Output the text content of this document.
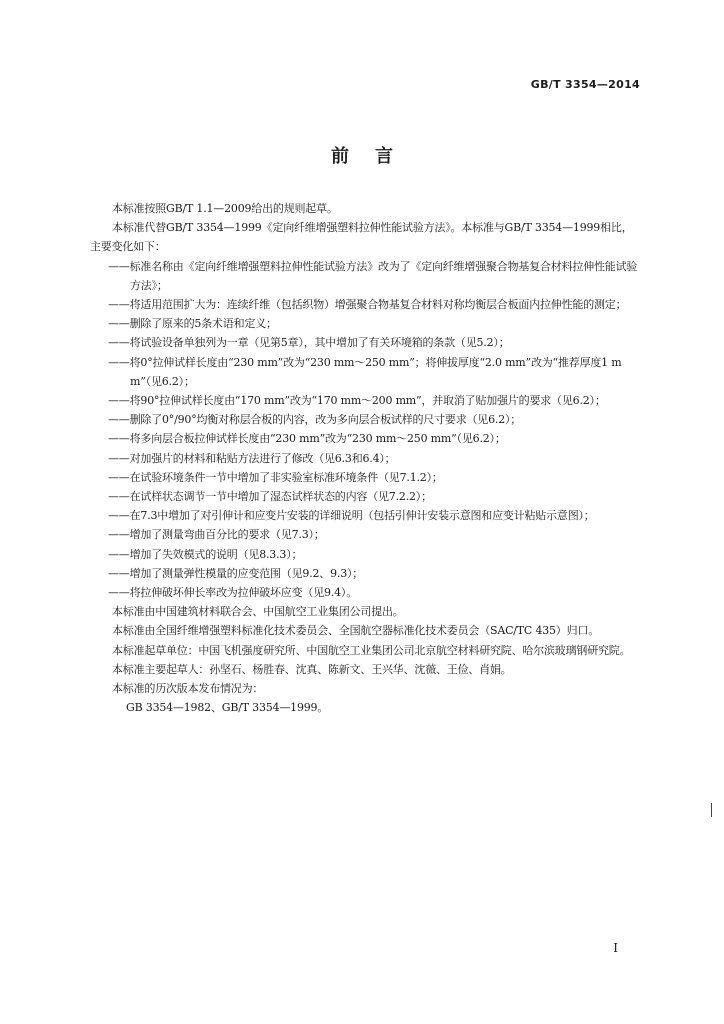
GB/T 3354—2014
前言

本标准按照GB/T 1.1—2009给出的规则起草。

本标准代替GB/T 3354—1999《定向纤维增强塑料拉伸性能试验方法》。本标准与GB/T 3354—1999相比，主要变化如下：

——标准名称由《定向纤维增强塑料拉伸性能试验方法》改为了《定向纤维增强聚合物基复合材料拉伸性能试验方法》；

——将适用范围扩大为：连续纤维（包括织物）增强聚合物基复合材料对称均衡层合板面内拉伸性能的测定；

——删除了原来的5条术语和定义；

——将试验设备单独列为一章（见第5章），其中增加了有关环境箱的条款（见5.2）；

——将0°拉伸试样长度由“230 mm”改为“230 mm～250 mm”；将伸拔厚度“2.0 mm”改为“推荐厚度1 mm”（见6.2）；

——将90°拉伸试样长度由“170 mm”改为“170 mm～200 mm”，并取消了贴加强片的要求（见6.2）；

——删除了0°/90°均衡对称层合板的内容，改为多向层合板试样的尺寸要求（见6.2）；

——将多向层合板拉伸试样长度由“230 mm”改为“230 mm～250 mm”（见6.2）；

——对加强片的材料和粘贴方法进行了修改（见6.3和6.4）；

——在试验环境条件一节中增加了非实验室标准环境条件（见7.1.2）；

——在试样状态调节一节中增加了湿态试样状态的内容（见7.2.2）；

——在7.3中增加了对引伸计和应变片安装的详细说明（包括引伸计安装示意图和应变计粘贴示意图）；

——增加了测量弯曲百分比的要求（见7.3）；

——增加了失效模式的说明（见8.3.3）；

——增加了测量弹性模量的应变范围（见9.2、9.3）；

——将拉伸破坏伸长率改为拉伸破坏应变（见9.4）。

本标准由中国建筑材料联合会、中国航空工业集团公司提出。

本标准由全国纤维增强塑料标准化技术委员会、全国航空器标准化技术委员会（SAC/TC 435）归口。

本标准起草单位：中国飞机强度研究所、中国航空工业集团公司北京航空材料研究院、哈尔滨玻璃钢研究院。

本标准主要起草人：孙坚石、杨胜春、沈真、陈新文、王兴华、沈薇、王俭、肖娟。

本标准的历次版本发布情况为：

GB 3354—1982、GB/T 3354—1999。

I
